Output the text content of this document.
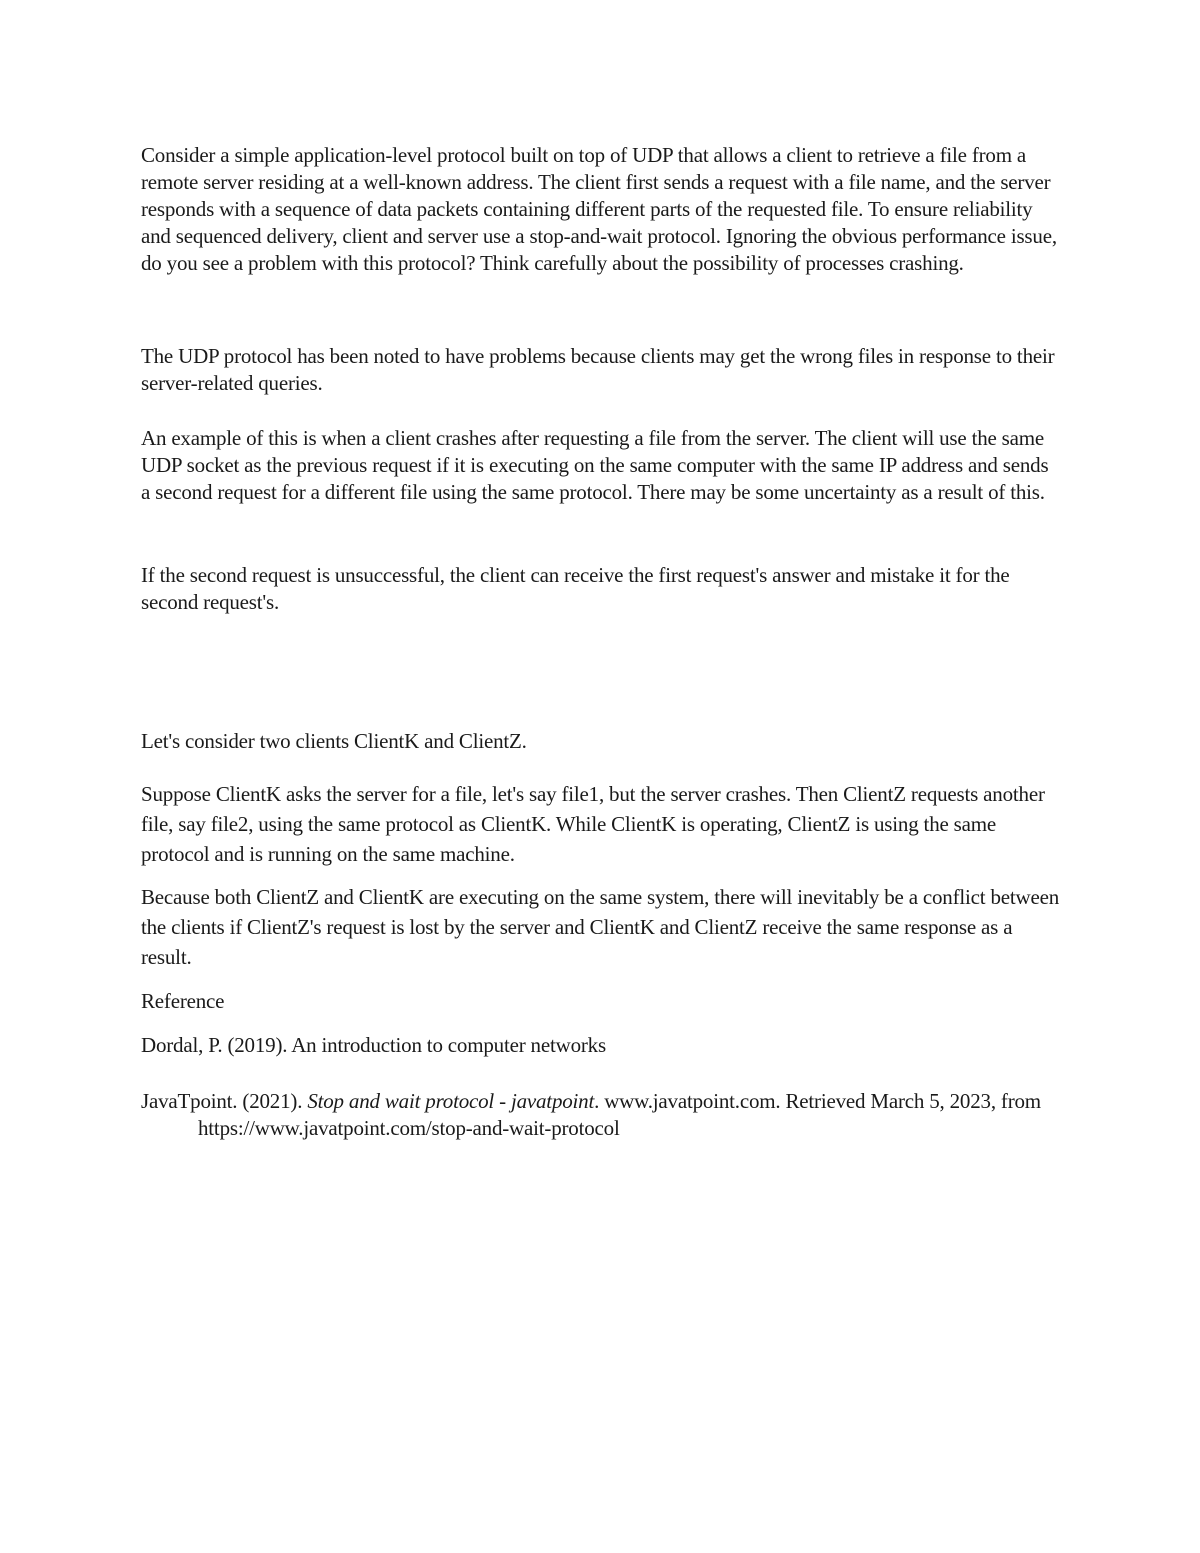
Consider a simple application-level protocol built on top of UDP that allows a client to retrieve a file from a remote server residing at a well-known address. The client first sends a request with a file name, and the server responds with a sequence of data packets containing different parts of the requested file. To ensure reliability and sequenced delivery, client and server use a stop-and-wait protocol. Ignoring the obvious performance issue, do you see a problem with this protocol? Think carefully about the possibility of processes crashing.

The UDP protocol has been noted to have problems because clients may get the wrong files in response to their server-related queries.

An example of this is when a client crashes after requesting a file from the server. The client will use the same UDP socket as the previous request if it is executing on the same computer with the same IP address and sends a second request for a different file using the same protocol. There may be some uncertainty as a result of this.

If the second request is unsuccessful, the client can receive the first request's answer and mistake it for the second request's.

Let's consider two clients ClientK and ClientZ.

Suppose ClientK asks the server for a file, let's say file1, but the server crashes. Then ClientZ requests another file, say file2, using the same protocol as ClientK. While ClientK is operating, ClientZ is using the same protocol and is running on the same machine.

Because both ClientZ and ClientK are executing on the same system, there will inevitably be a conflict between the clients if ClientZ's request is lost by the server and ClientK and ClientZ receive the same response as a result.

Reference

Dordal, P. (2019). An introduction to computer networks

JavaTpoint. (2021). Stop and wait protocol - javatpoint. www.javatpoint.com. Retrieved March 5, 2023, from https://www.javatpoint.com/stop-and-wait-protocol
